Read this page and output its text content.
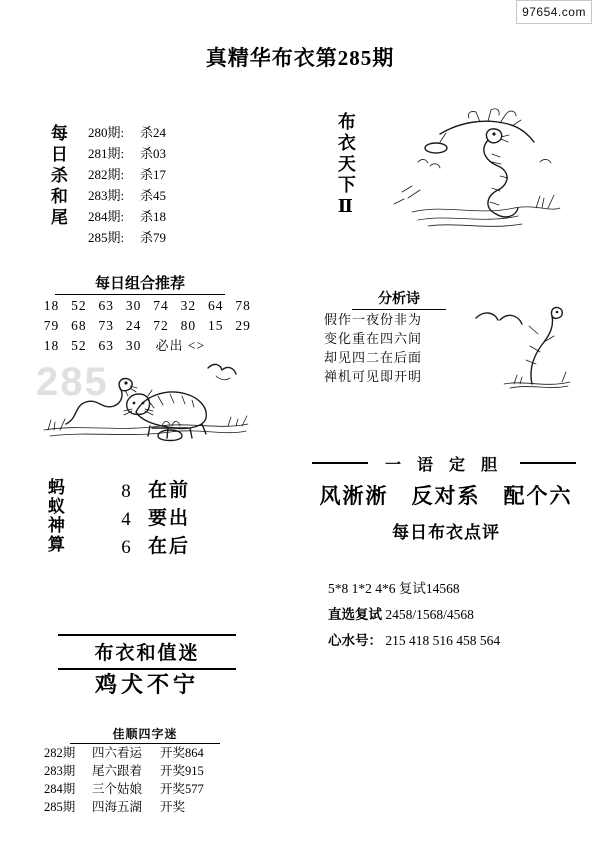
97654.com
真精华布衣第285期
每日杀和尾 280期: 杀24
281期: 杀03
282期: 杀17
283期: 杀45
284期: 杀18
285期: 杀79
每日组合推荐
18 52 63 30 74 32 64 78
79 68 73 24 72 80 15 29
18 52 63 30 必出 <>
285
蚂蚁神算	8
4
6
在前
要出
在后
布衣和值迷
鸡犬不宁
佳顺四字迷
282期 四六看运 开奖864
283期 尾六跟着 开奖915
284期 三个姑娘 开奖577
285期 四海五湖 开奖
布衣天下Ⅱ
分析诗
假作一夜份非为
变化重在四六间
却见四二在后面
禅机可见即开明
一 语 定 胆
风淅淅　反对系　配个六
每日布衣点评
5*8 1*2 4*6 复试14568
直选复试 2458/1568/4568
心水号： 215 418 516 458 564
